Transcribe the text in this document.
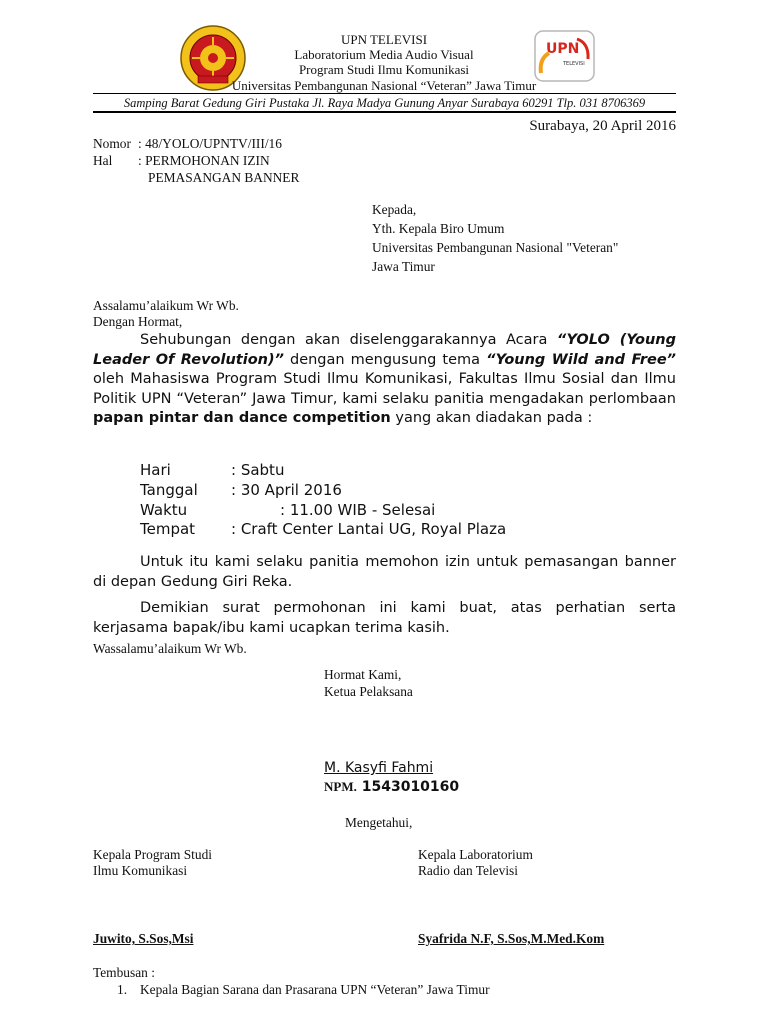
UPN
TELEVISI
UPN TELEVISI
Laboratorium Media Audio Visual
Program Studi Ilmu Komunikasi
Universitas Pembangunan Nasional “Veteran” Jawa Timur
Samping Barat Gedung Giri Pustaka Jl. Raya Madya Gunung Anyar Surabaya 60291 Tlp. 031 8706369
Surabaya, 20 April 2016
Nomor : 48/YOLO/UPNTV/III/16
Hal : PERMOHONAN IZIN
PEMASANGAN BANNER
Kepada,
Yth. Kepala Biro Umum
Universitas Pembangunan Nasional "Veteran"
Jawa Timur
Assalamu’alaikum Wr Wb.
Dengan Hormat,
Sehubungan dengan akan diselenggarakannya Acara “YOLO (Young Leader Of Revolution)” dengan mengusung tema “Young Wild and Free” oleh Mahasiswa Program Studi Ilmu Komunikasi, Fakultas Ilmu Sosial dan Ilmu Politik UPN “Veteran” Jawa Timur, kami selaku panitia mengadakan perlombaan papan pintar dan dance competition yang akan diadakan pada :
Hari	: Sabtu
Tanggal : 30 April 2016
Waktu	: 11.00 WIB - Selesai
Tempat : Craft Center Lantai UG, Royal Plaza
Untuk itu kami selaku panitia memohon izin untuk pemasangan banner di depan Gedung Giri Reka.
Demikian surat permohonan ini kami buat, atas perhatian serta kerjasama bapak/ibu kami ucapkan terima kasih.
Wassalamu’alaikum Wr Wb.
Hormat Kami,
Ketua Pelaksana
M. Kasyfi Fahmi
NPM. 1543010160
Mengetahui,
Kepala Program Studi
Ilmu Komunikasi
Kepala Laboratorium
Radio dan Televisi
Juwito, S.Sos,Msi	Syafrida N.F, S.Sos,M.Med.Kom
Tembusan :
1. Kepala Bagian Sarana dan Prasarana UPN “Veteran” Jawa Timur
